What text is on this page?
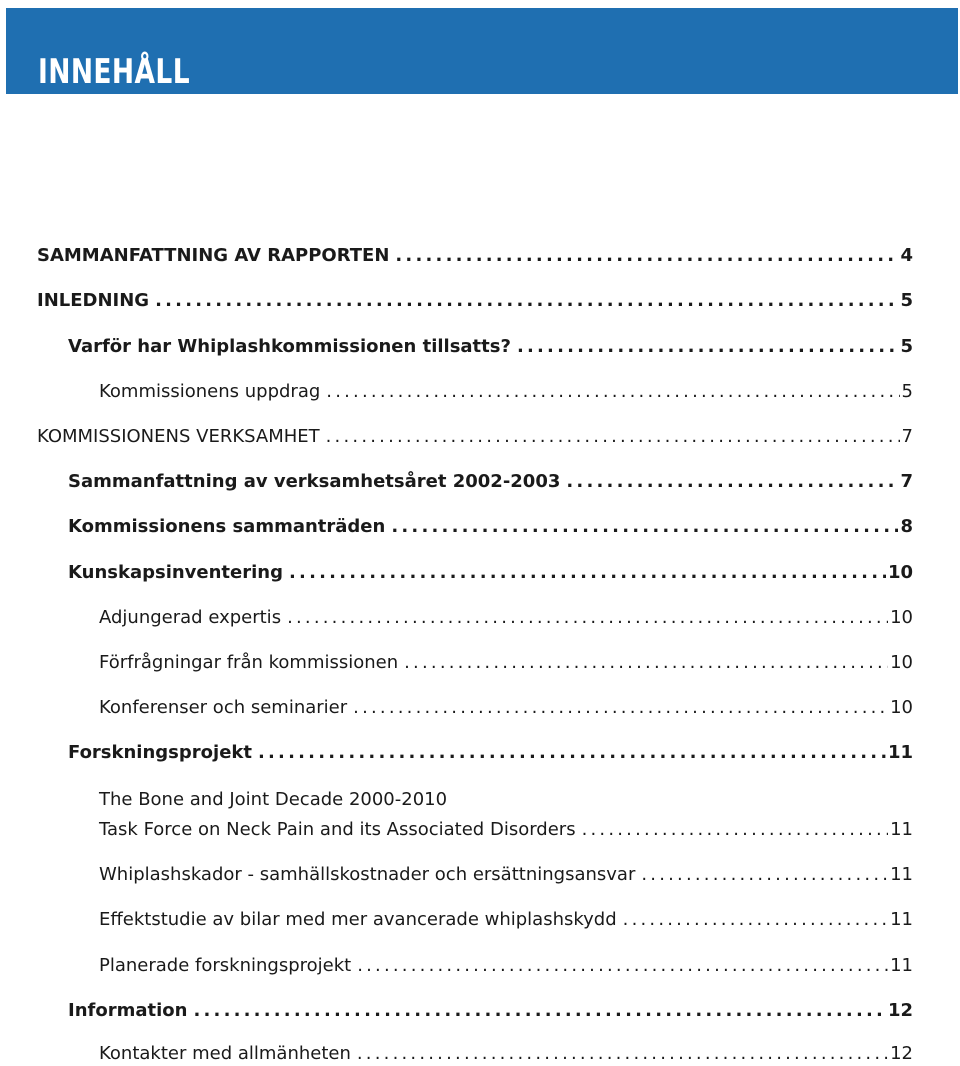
INNEHÅLL
SAMMANFATTNING AV RAPPORTEN .....	4
INLEDNING .....	5
Varför har Whiplashkommissionen tillsatts? .....	5
Kommissionens uppdrag .....	5
KOMMISSIONENS VERKSAMHET .....	7
Sammanfattning av verksamhetsåret 2002-2003 .....	7
Kommissionens sammanträden .....	8
Kunskapsinventering .....	10
Adjungerad expertis .....	10
Förfrågningar från kommissionen .....	10
Konferenser och seminarier .....	10
Forskningsprojekt .....	11
The Bone and Joint Decade 2000-2010
Task Force on Neck Pain and its Associated Disorders .....	11
Whiplashskador - samhällskostnader och ersättningsansvar .....	11
Effektstudie av bilar med mer avancerade whiplashskydd .....	11
Planerade forskningsprojekt .....	11
Information .....	12
Kontakter med allmänheten .....	12
